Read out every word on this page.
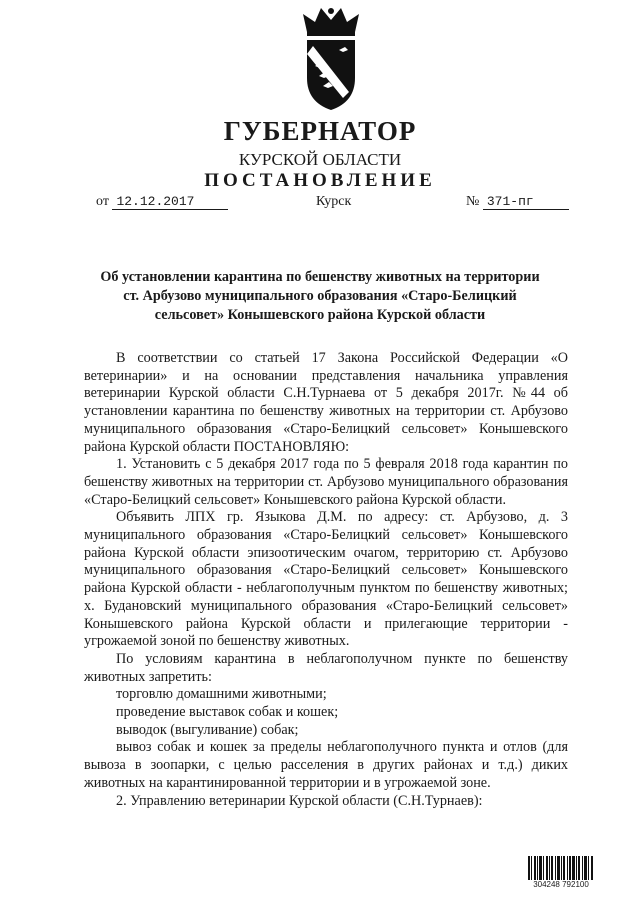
ГУБЕРНАТОР
КУРСКОЙ ОБЛАСТИ
ПОСТАНОВЛЕНИЕ
от 12.12.2017	Курск	№ 371-пг
Об установлении карантина по бешенству животных на территории
ст. Арбузово муниципального образования «Старо-Белицкий
сельсовет» Конышевского района Курской области

В соответствии со статьей 17 Закона Российской Федерации «О ветеринарии» и на основании представления начальника управления ветеринарии Курской области С.Н.Турнаева от 5 декабря 2017г. №44 об установлении карантина по бешенству животных на территории ст. Арбузово муниципального образования «Старо-Белицкий сельсовет» Конышевского района Курской области ПОСТАНОВЛЯЮ:

1. Установить с 5 декабря 2017 года по 5 февраля 2018 года карантин по бешенству животных на территории ст. Арбузово муниципального образования «Старо-Белицкий сельсовет» Конышевского района Курской области.

Объявить ЛПХ гр. Языкова Д.М. по адресу: ст. Арбузово, д. 3 муниципального образования «Старо-Белицкий сельсовет» Конышевского района Курской области эпизоотическим очагом, территорию ст. Арбузово муниципального образования «Старо-Белицкий сельсовет» Конышевского района Курской области - неблагополучным пунктом по бешенству животных; х. Будановский муниципального образования «Старо-Белицкий сельсовет» Конышевского района Курской области и прилегающие территории - угрожаемой зоной по бешенству животных.

По условиям карантина в неблагополучном пункте по бешенству животных запретить:

торговлю домашними животными;

проведение выставок собак и кошек;

выводок (выгуливание) собак;

вывоз собак и кошек за пределы неблагополучного пункта и отлов (для вывоза в зоопарки, с целью расселения в других районах и т.д.) диких животных на карантинированной территории и в угрожаемой зоне.

2. Управлению ветеринарии Курской области (С.Н.Турнаев):

304248 792100
